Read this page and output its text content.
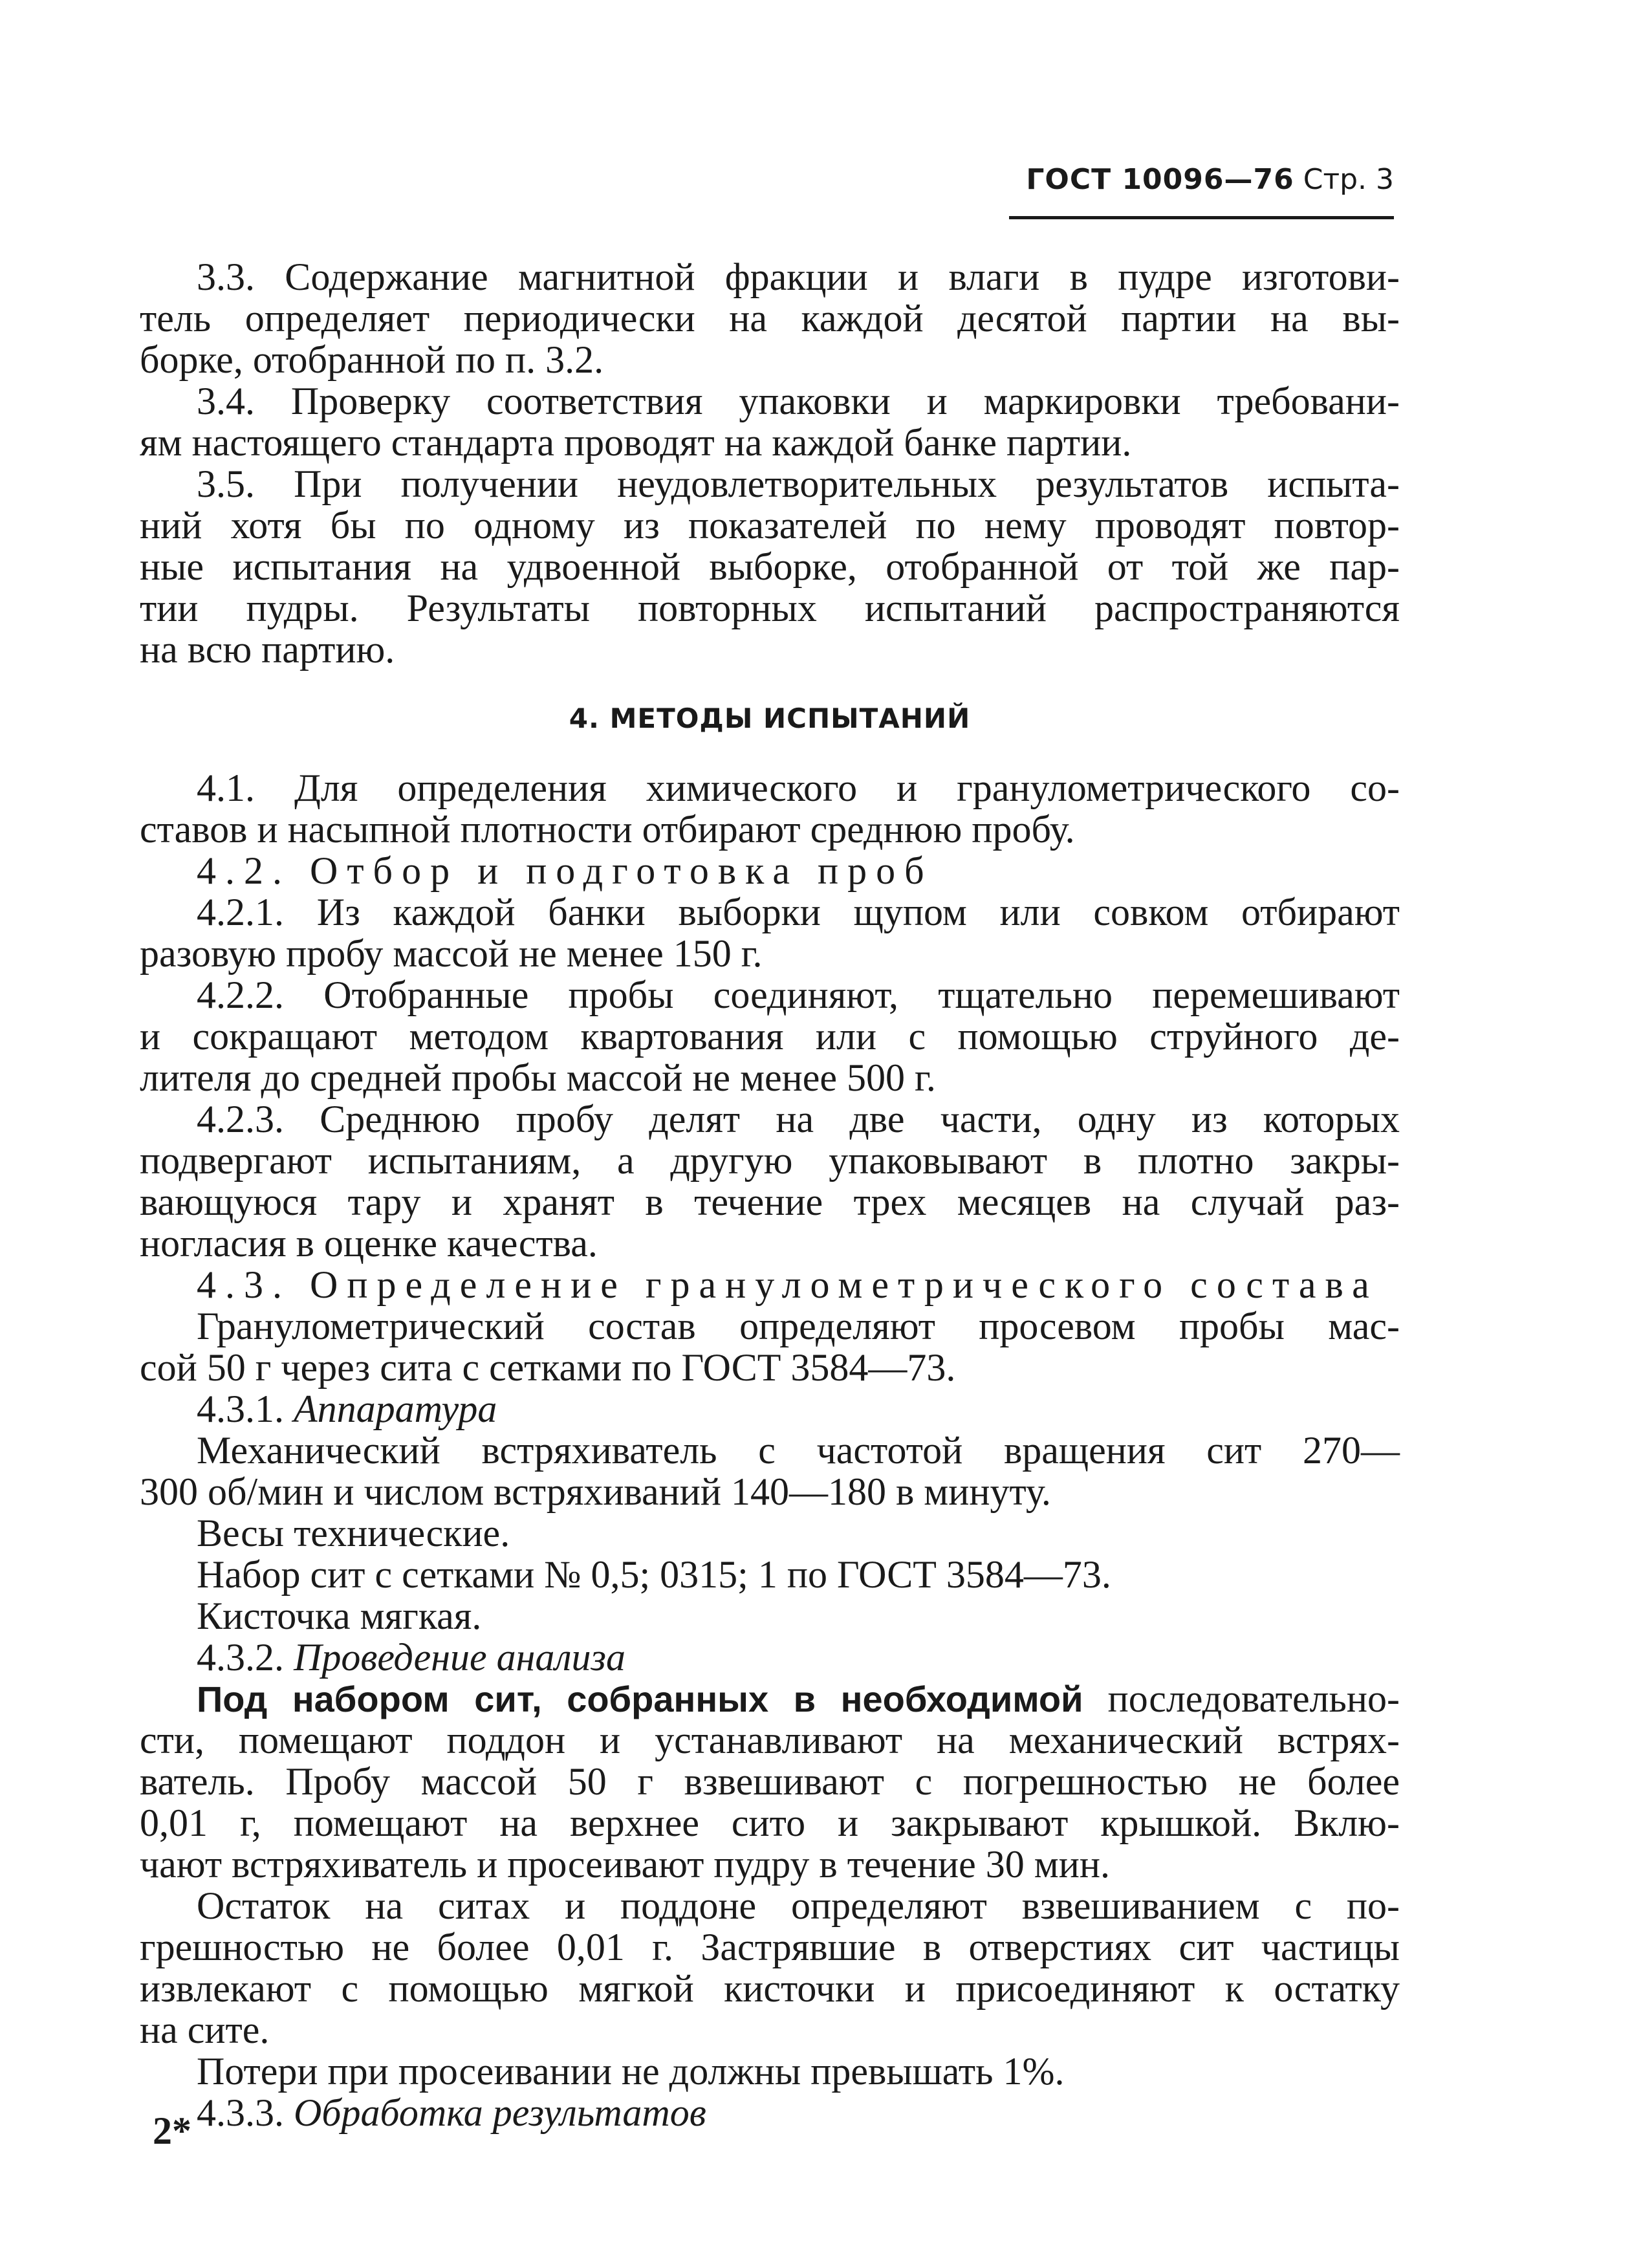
ГОСТ 10096—76 Стр. 3
3.3. Содержание магнитной фракции и влаги в пудре изготови-
тель определяет периодически на каждой десятой партии на вы-
борке, отобранной по п. 3.2.
3.4. Проверку соответствия упаковки и маркировки требовани-
ям настоящего стандарта проводят на каждой банке партии.
3.5. При получении неудовлетворительных результатов испыта-
ний хотя бы по одному из показателей по нему проводят повтор-
ные испытания на удвоенной выборке, отобранной от той же пар-
тии пудры. Результаты повторных испытаний распространяются
на всю партию.
4. МЕТОДЫ ИСПЫТАНИЙ
4.1. Для определения химического и гранулометрического со-
ставов и насыпной плотности отбирают среднюю пробу.
4.2. Отбор и подготовка проб
4.2.1. Из каждой банки выборки щупом или совком отбирают
разовую пробу массой не менее 150 г.
4.2.2. Отобранные пробы соединяют, тщательно перемешивают
и сокращают методом квартования или с помощью струйного де-
лителя до средней пробы массой не менее 500 г.
4.2.3. Среднюю пробу делят на две части, одну из которых
подвергают испытаниям, а другую упаковывают в плотно закры-
вающуюся тару и хранят в течение трех месяцев на случай раз-
ногласия в оценке качества.
4.3. Определение гранулометрического состава
Гранулометрический состав определяют просевом пробы мас-
сой 50 г через сита с сетками по ГОСТ 3584—73.
4.3.1. Аппаратура
Механический встряхиватель с частотой вращения сит 270—
300 об/мин и числом встряхиваний 140—180 в минуту.
Весы технические.
Набор сит с сетками № 0,5; 0315; 1 по ГОСТ 3584—73.
Кисточка мягкая.
4.3.2. Проведение анализа
Под набором сит, собранных в необходимой последовательно-
сти, помещают поддон и устанавливают на механический встрях-
ватель. Пробу массой 50 г взвешивают с погрешностью не более
0,01 г, помещают на верхнее сито и закрывают крышкой. Вклю-
чают встряхиватель и просеивают пудру в течение 30 мин.
Остаток на ситах и поддоне определяют взвешиванием с по-
грешностью не более 0,01 г. Застрявшие в отверстиях сит частицы
извлекают с помощью мягкой кисточки и присоединяют к остатку
на сите.
Потери при просеивании не должны превышать 1%.
4.3.3. Обработка результатов
2*
